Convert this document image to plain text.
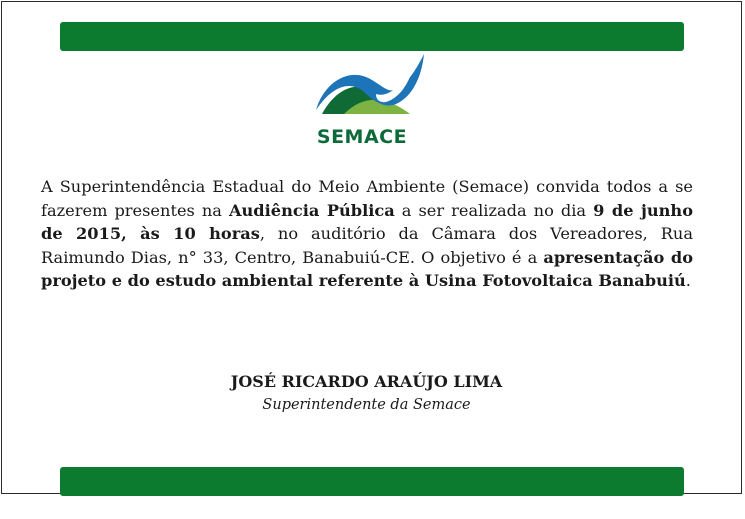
SEMACE
A Superintendência Estadual do Meio Ambiente (Semace) convida todos a se fazerem presentes na Audiência Pública a ser realizada no dia 9 de junho de 2015, às 10 horas, no auditório da Câmara dos Vereadores, Rua Raimundo Dias, n° 33, Centro, Banabuiú-CE. O objetivo é a apresentação do projeto e do estudo ambiental referente à Usina Fotovoltaica Banabuiú.
JOSÉ RICARDO ARAÚJO LIMA
Superintendente da Semace
